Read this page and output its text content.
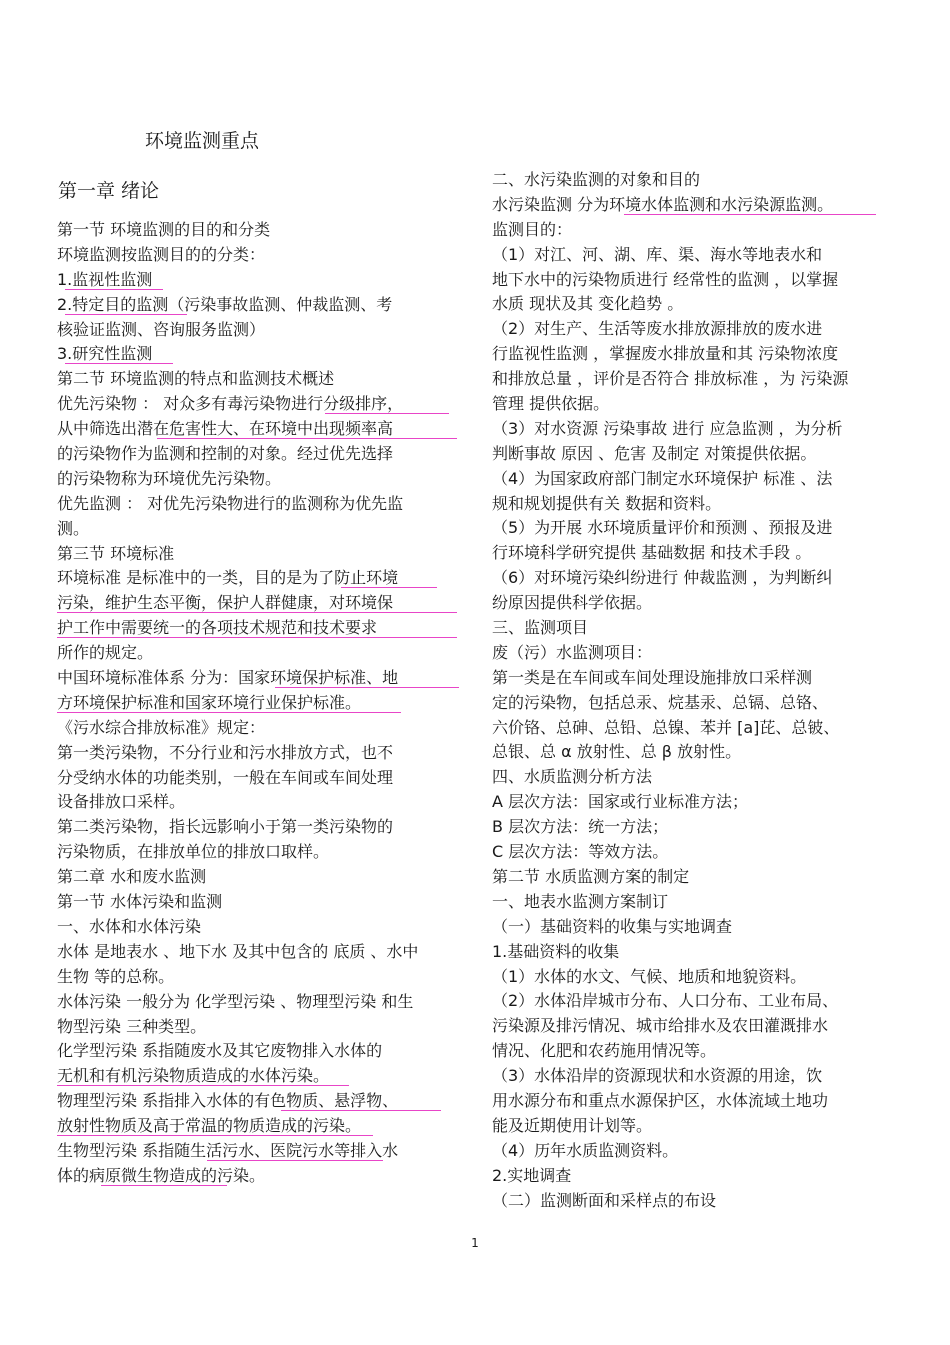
环境监测重点
第一章 绪论
第一节 环境监测的目的和分类
环境监测按监测目的的分类：
1.监视性监测
2.特定目的监测（污染事故监测、仲裁监测、考
核验证监测、咨询服务监测）
3.研究性监测
第二节 环境监测的特点和监测技术概述
优先污染物 ： 对众多有毒污染物进行分级排序，
从中筛选出潜在危害性大、在环境中出现频率高
的污染物作为监测和控制的对象。经过优先选择
的污染物称为环境优先污染物。
优先监测 ： 对优先污染物进行的监测称为优先监
测。
第三节 环境标准
环境标准 是标准中的一类，目的是为了防止环境
污染，维护生态平衡，保护人群健康，对环境保
护工作中需要统一的各项技术规范和技术要求
所作的规定。
中国环境标准体系 分为：国家环境保护标准、地
方环境保护标准和国家环境行业保护标准。
《污水综合排放标准》规定：
第一类污染物，不分行业和污水排放方式，也不
分受纳水体的功能类别，一般在车间或车间处理
设备排放口采样。
第二类污染物，指长远影响小于第一类污染物的
污染物质，在排放单位的排放口取样。
第二章 水和废水监测
第一节 水体污染和监测
一、水体和水体污染
水体 是地表水 、地下水 及其中包含的 底质 、水中
生物 等的总称。
水体污染 一般分为 化学型污染 、物理型污染 和生
物型污染 三种类型。
化学型污染 系指随废水及其它废物排入水体的
无机和有机污染物质造成的水体污染。
物理型污染 系指排入水体的有色物质、悬浮物、
放射性物质及高于常温的物质造成的污染。
生物型污染 系指随生活污水、医院污水等排入水
体的病原微生物造成的污染。
二、水污染监测的对象和目的
水污染监测 分为环境水体监测和水污染源监测。
监测目的：
（1）对江、河、湖、库、渠、海水等地表水和
地下水中的污染物质进行 经常性的监测 ，以掌握
水质 现状及其 变化趋势 。
（2）对生产、生活等废水排放源排放的废水进
行监视性监测 ，掌握废水排放量和其 污染物浓度
和排放总量 ，评价是否符合 排放标准 ，为 污染源
管理 提供依据。
（3）对水资源 污染事故 进行 应急监测 ，为分析
判断事故 原因 、危害 及制定 对策提供依据。
（4）为国家政府部门制定水环境保护 标准 、法
规和规划提供有关 数据和资料。
（5）为开展 水环境质量评价和预测 、预报及进
行环境科学研究提供 基础数据 和技术手段 。
（6）对环境污染纠纷进行 仲裁监测 ，为判断纠
纷原因提供科学依据。
三、监测项目
废（污）水监测项目：
第一类是在车间或车间处理设施排放口采样测
定的污染物，包括总汞、烷基汞、总镉、总铬、
六价铬、总砷、总铅、总镍、苯并 [a]芘、总铍、
总银、总 α 放射性、总 β 放射性。
四、水质监测分析方法
A 层次方法：国家或行业标准方法；
B 层次方法：统一方法；
C 层次方法：等效方法。
第二节 水质监测方案的制定
一、地表水监测方案制订
（一）基础资料的收集与实地调查
1.基础资料的收集
（1）水体的水文、气候、地质和地貌资料。
（2）水体沿岸城市分布、人口分布、工业布局、
污染源及排污情况、城市给排水及农田灌溉排水
情况、化肥和农药施用情况等。
（3）水体沿岸的资源现状和水资源的用途，饮
用水源分布和重点水源保护区，水体流域土地功
能及近期使用计划等。
（4）历年水质监测资料。
2.实地调查
（二）监测断面和采样点的布设
1
